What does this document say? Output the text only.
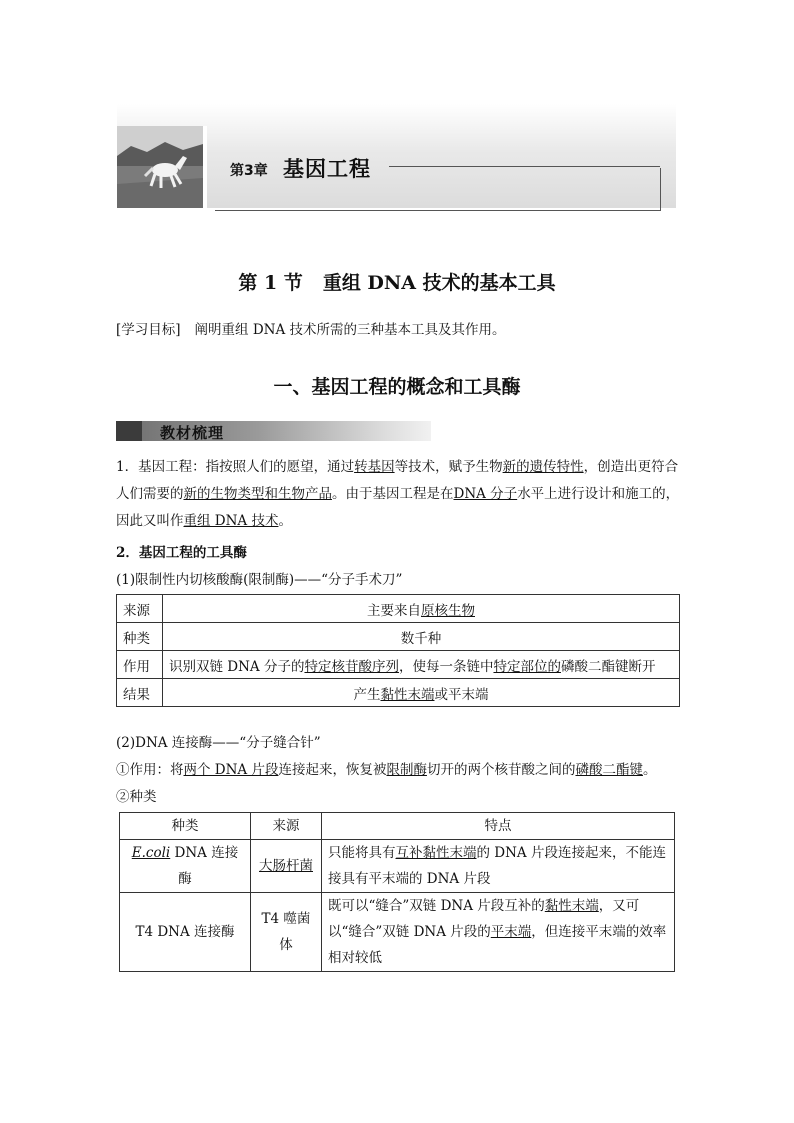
第3章 基因工程
第 1 节 重组 DNA 技术的基本工具
[学习目标] 阐明重组 DNA 技术所需的三种基本工具及其作用。
一、基因工程的概念和工具酶
教材梳理
1．基因工程：指按照人们的愿望，通过转基因等技术，赋予生物新的遗传特性，创造出更符合人们需要的新的生物类型和生物产品。由于基因工程是在DNA 分子水平上进行设计和施工的，因此又叫作重组 DNA 技术。
2．基因工程的工具酶
(1)限制性内切核酸酶(限制酶)——“分子手术刀”
来源	主要来自原核生物
种类	数千种
作用	识别双链 DNA 分子的特定核苷酸序列，使每一条链中特定部位的磷酸二酯键断开
结果	产生黏性末端或平末端
(2)DNA 连接酶——“分子缝合针”
①作用：将两个 DNA 片段连接起来，恢复被限制酶切开的两个核苷酸之间的磷酸二酯键。
②种类
种类	来源	特点
E.coli DNA 连接酶	大肠杆菌	只能将具有互补黏性末端的 DNA 片段连接起来，不能连接具有平末端的 DNA 片段
T4 DNA 连接酶	T4 噬菌体	既可以“缝合”双链 DNA 片段互补的黏性末端，又可以“缝合”双链 DNA 片段的平末端，但连接平末端的效率相对较低
